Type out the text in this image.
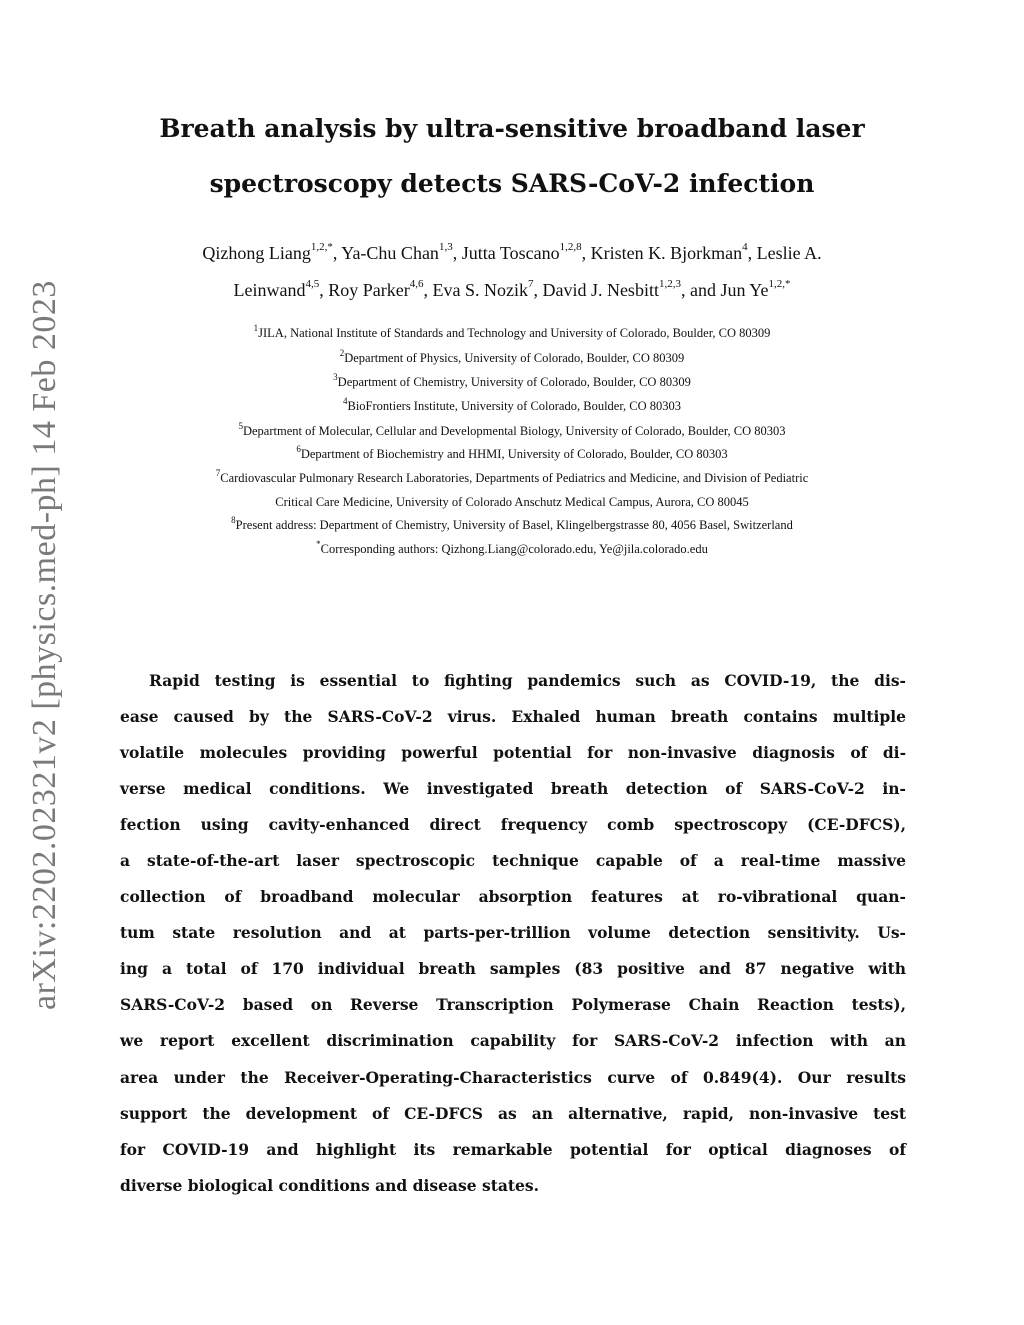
arXiv:2202.02321v2 [physics.med-ph] 14 Feb 2023
Breath analysis by ultra-sensitive broadband laser
spectroscopy detects SARS-CoV-2 infection
Qizhong Liang$^{1,2,*}$, Ya-Chu Chan$^{1,3}$, Jutta Toscano$^{1,2,8}$, Kristen K. Bjorkman$^4$, Leslie A.
Leinwand$^{4,5}$, Roy Parker$^{4,6}$, Eva S. Nozik$^7$, David J. Nesbitt$^{1,2,3}$, and Jun $Ye^{1,2,*}$
$^1$JILA, National Institute of Standards and Technology and University of Colorado, Boulder, CO 80309
$^2$Department of Physics, University of Colorado, Boulder, CO 80309
$^3$Department of Chemistry, University of Colorado, Boulder, CO 80309
$^4$BioFrontiers Institute, University of Colorado, Boulder, CO 80303
$^5$Department of Molecular, Cellular and Developmental Biology, University of Colorado, Boulder, CO 80303
$^6$Department of Biochemistry and HHMI, University of Colorado, Boulder, CO 80303
$^7$Cardiovascular Pulmonary Research Laboratories, Departments of Pediatrics and Medicine, and Division of Pediatric
Critical Care Medicine, University of Colorado Anschutz Medical Campus, Aurora, CO 80045
$^8$Present address: Department of Chemistry, University of Basel, Klingelbergstrasse 80, 4056 Basel, Switzerland
*Corresponding authors: Qizhong.Liang@colorado.edu, Ye@jila.colorado.edu
Rapid testing is essential to fighting pandemics such as COVID-19, the dis-
ease caused by the SARS-CoV-2 virus. Exhaled human breath contains multiple
volatile molecules providing powerful potential for non-invasive diagnosis of di-
verse medical conditions. We investigated breath detection of SARS-CoV-2 in-
fection using cavity-enhanced direct frequency comb spectroscopy (CE-DFCS),
a state-of-the-art laser spectroscopic technique capable of a real-time massive
collection of broadband molecular absorption features at ro-vibrational quan-
tum state resolution and at parts-per-trillion volume detection sensitivity. Us-
ing a total of 170 individual breath samples (83 positive and 87 negative with
SARS-CoV-2 based on Reverse Transcription Polymerase Chain Reaction tests),
we report excellent discrimination capability for SARS-CoV-2 infection with an
area under the Receiver-Operating-Characteristics curve of 0.849(4). Our results
support the development of CE-DFCS as an alternative, rapid, non-invasive test
for COVID-19 and highlight its remarkable potential for optical diagnoses of
diverse biological conditions and disease states.
